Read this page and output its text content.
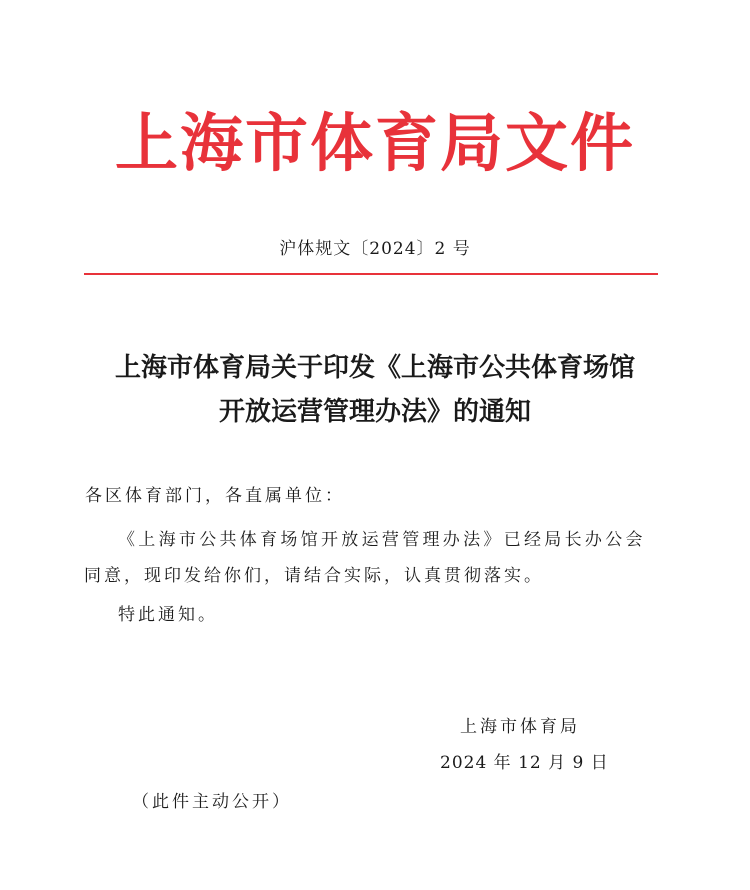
上海市体育局文件
沪体规文〔2024〕2 号
上海市体育局关于印发《上海市公共体育场馆
开放运营管理办法》的通知
各区体育部门，各直属单位：
《上海市公共体育场馆开放运营管理办法》已经局长办公会
同意，现印发给你们，请结合实际，认真贯彻落实。
特此通知。
上海市体育局
2024 年 12 月 9 日
（此件主动公开）
